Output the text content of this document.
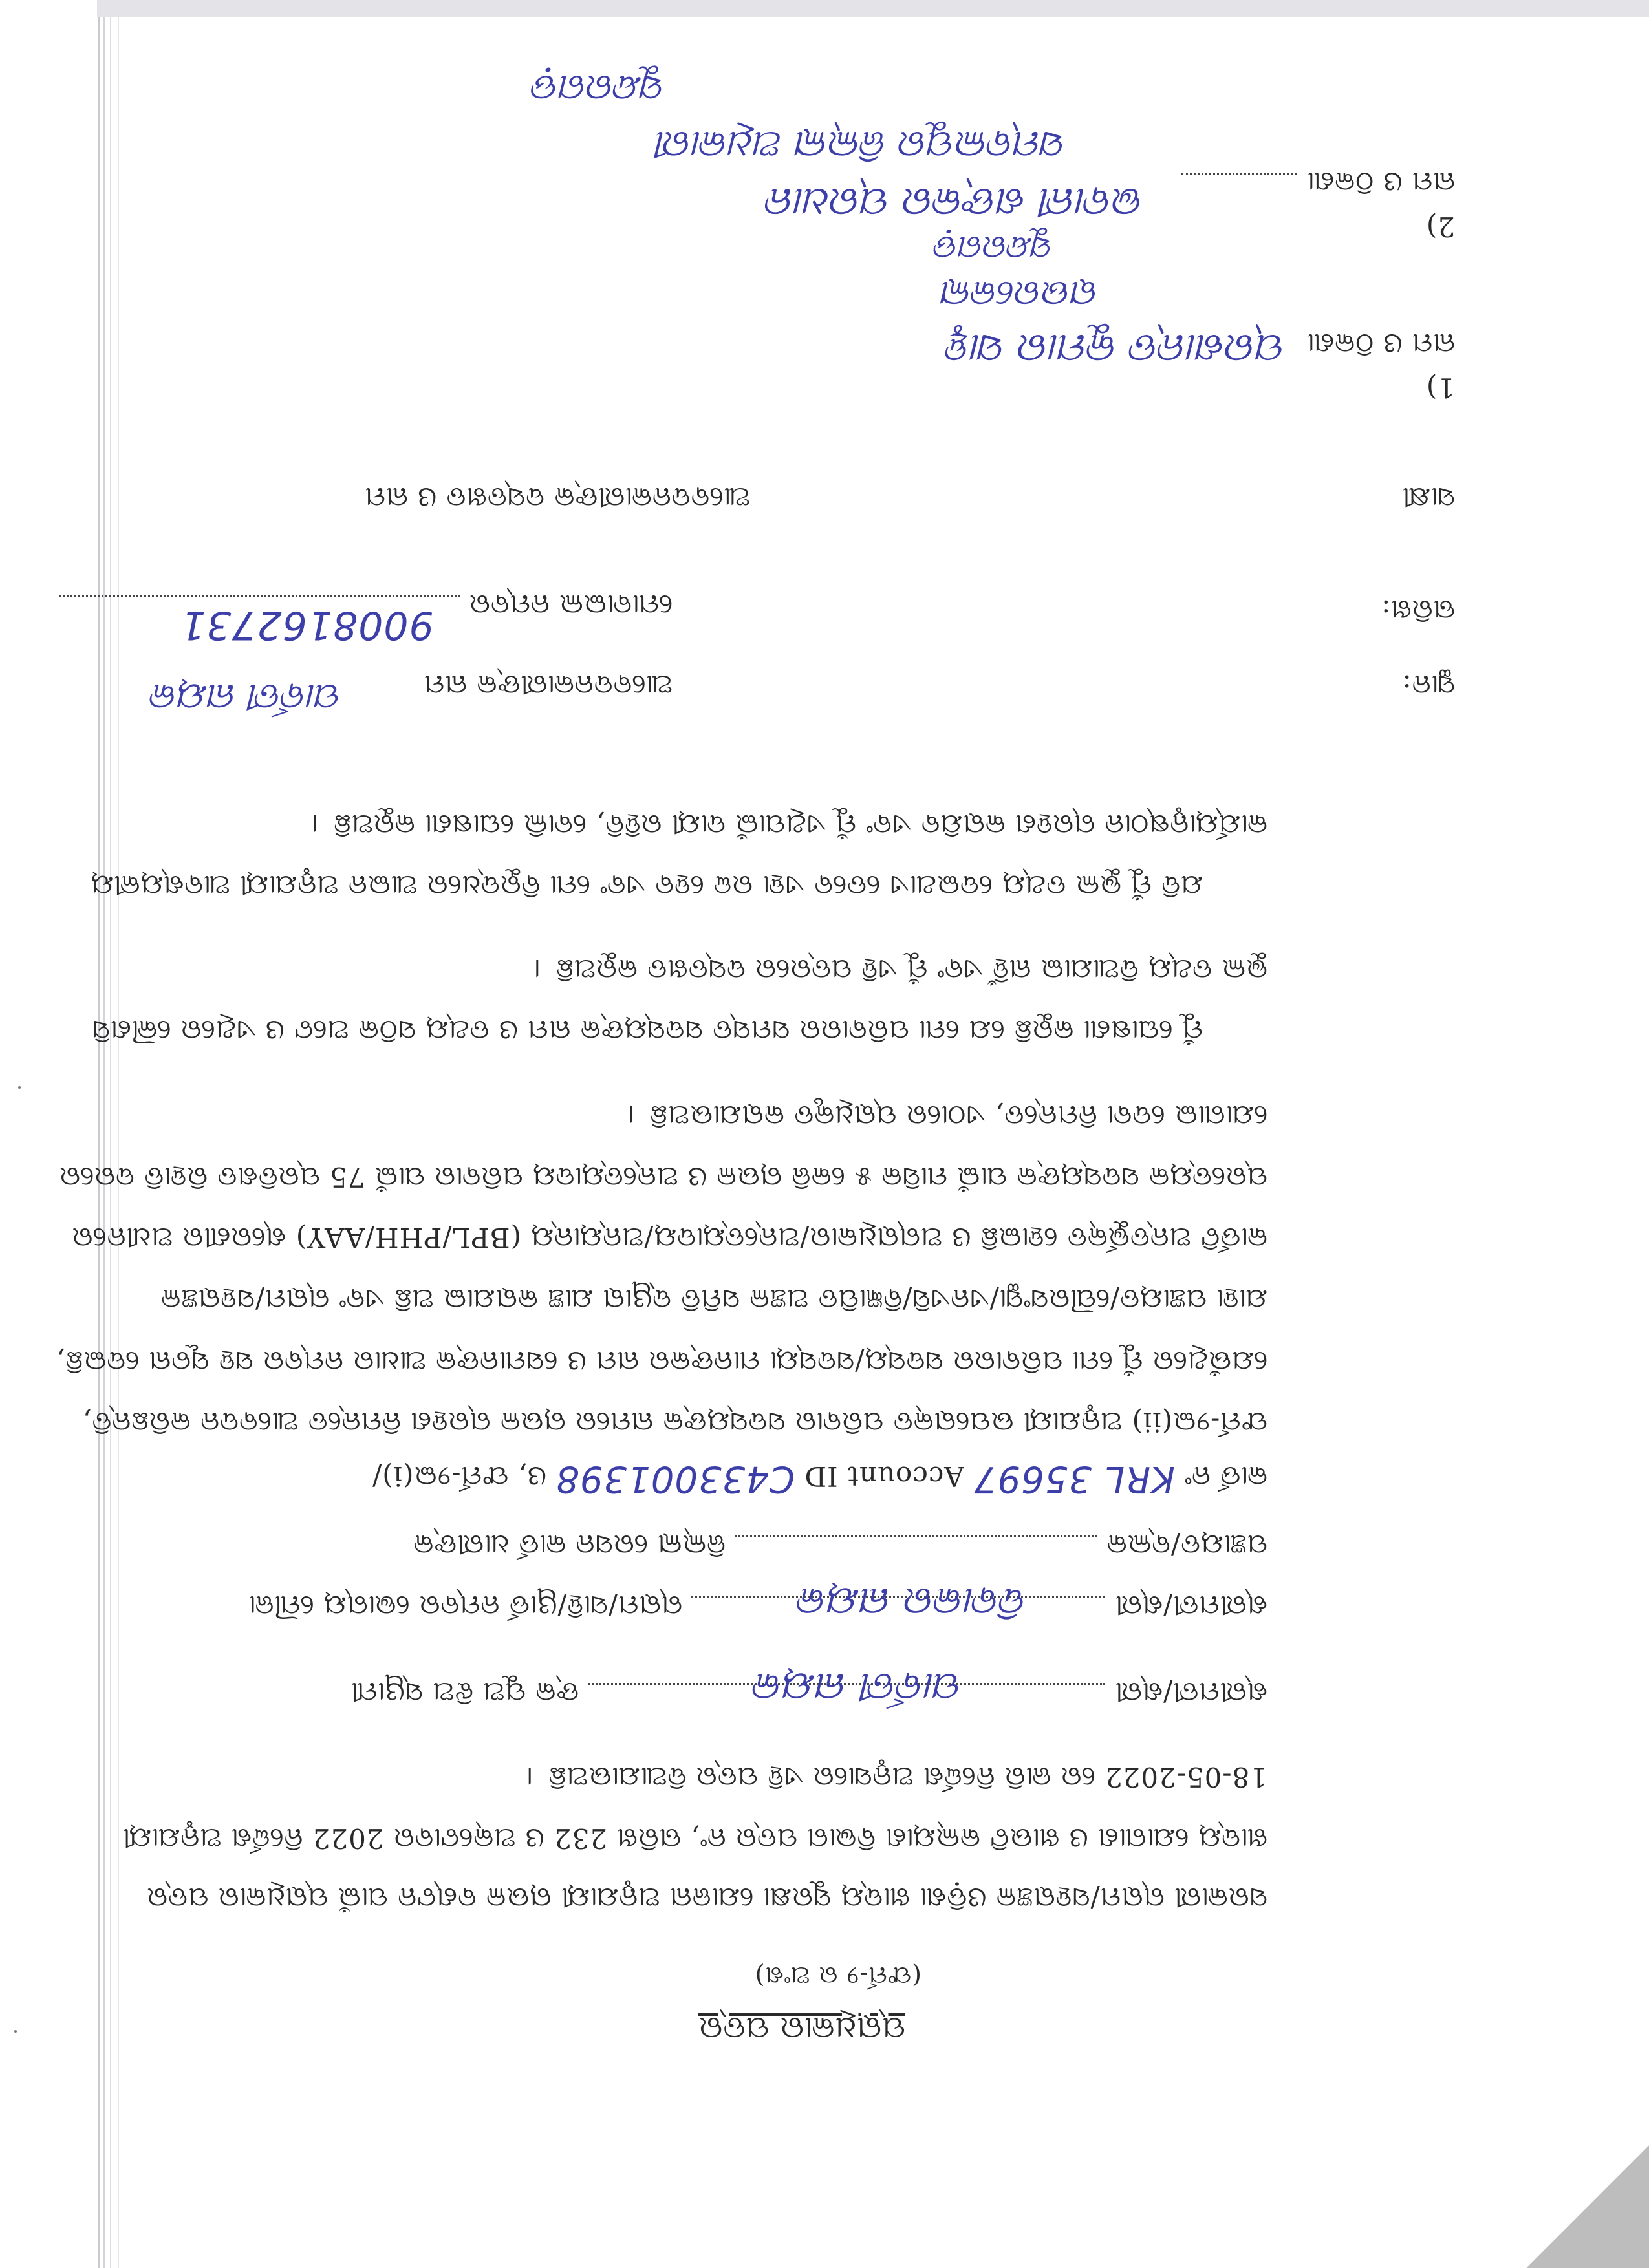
ପ୍ରାଧିକାର ପତ୍ର
(ଫର୍ମ-୨ ର ଅଂଶ)
ସରକାରୀ ଗ୍ରାମ/ସହରାଞ୍ଚଳ ଓଡ଼ିଶା ଖାଦ୍ୟ ସୁରକ୍ଷା ଯୋଜନା ଅନୁଯାୟୀ ଚାଉଳ ବଣ୍ଟନ ପାଇଁ ପ୍ରାଧିକାର ପତ୍ର
ଖାଦ୍ୟ ଯୋଗାଣ ଓ ଖାଉଟି କଲ୍ୟାଣ ବିଭାଗ ପତ୍ର ନଂ, ତାରିଖ 232 ଓ ଅକ୍ଟୋବର 2022 ନିର୍ଦ୍ଦେଶ ଅନୁଯାୟୀ
18-05-2022 ରେ ଜାରି ନିର୍ଦ୍ଦେଶ ଅନୁସାରେ ଏହି ପତ୍ର ଦିଆଯାଉଅଛି ।
ଶ୍ରୀମତୀ/ଶ୍ରୀ
ପାର୍ବତୀ ନାୟକ
ଙ୍କ ପୁଅ ଝିଅ ସ୍ୱାମୀ
ଶ୍ରୀମତୀ/ଶ୍ରୀ
ଦିବାକର ନାୟକ
ଗ୍ରାମ/ସାହି/ୱାର୍ଡ ନମ୍ବର ଭୋଗ୍ୟ ମୌଜା
ପଞ୍ଚାୟତ/ବ୍ଲକ  ଜିଲ୍ଲା ରେସନ କାର୍ଡ ଧାରୀଙ୍କ
କାର୍ଡ ନଂ KRL 35697 Account ID C433001398 ଓ, ଫର୍ମ-୨ଇ(i)/
ଫର୍ମ-୨ଇ(ii) ଅନୁଯାୟୀ ଉପରୋକ୍ତ ପରିବାର ସଦସ୍ୟଙ୍କ ନାମରେ ଚାଉଳ ଗ୍ରହଣ ନିମନ୍ତେ ଆବେଦନ କରିଛନ୍ତି,
ଯେଉଁଥିରେ ମୁଁ ମୋ ପରିବାରର ସଦସ୍ୟ/ସଦସ୍ୟା ମାନଙ୍କର ନାମ ଓ ସେମାନଙ୍କ ଆଧାର ନମ୍ବର ସହ ସୂଚନା ଦେଇଛି,
ଯାହା ପଞ୍ଚାୟତ/ପୌରସଂସ୍ଥା/ଏନଏସି/ବିଜ୍ଞାପିତ ଅଞ୍ଚଳ ସମିତି ଦ୍ୱାରା ଯାଞ୍ଚ କରାଯାଇ ଅଛି ଏବଂ ଗ୍ରାମ/ସହରାଞ୍ଚଳ
କାର୍ଡଟି ଅନ୍ତର୍ଭୁକ୍ତ ହୋଇଛି ଓ ଅଗ୍ରାଧିକାର/ଅନ୍ତ୍ୟୋଦୟ/ଅନ୍ୟାନ୍ୟ (BPL/PHH/AAY) ଶ୍ରେଣୀର ଅଧୀନରେ
ପ୍ରତ୍ୟେକ ସଦସ୍ୟଙ୍କ ପାଇଁ ମାସିକ ୫ କେଜି ଚାଉଳ ଓ ଅନ୍ତ୍ୟୋଦୟ ପରିବାର ପାଇଁ 75 ପ୍ରତିଶତ ରିହାତି ଦରରେ
ଯୋଗାଇ ଦେବା ନିମନ୍ତେ, ଏଠାରେ ପ୍ରାଧିକୃତ କରାଯାଉଅଛି ।
ମୁଁ ଘୋଷଣା କରୁଛି ଯେ ମୋ ପରିବାରର ସମସ୍ତ ସଦସ୍ୟଙ୍କ ନାମ ଓ ତଥ୍ୟ ସଠିକ ଅଟେ ଓ ଏଥିରେ କୌଣସି
ଭୁଲ ତଥ୍ୟ ଦିଆଯାଇ ନାହିଁ ଏବଂ ମୁଁ ଏହି ପତ୍ରରେ ଦସ୍ତଖତ କରୁଅଛି ।
ଯଦି ମୁଁ ଭୁଲ ତଥ୍ୟ ଦେଇଥାଏ ତେବେ ଏହା ରଦ୍ଦ ହେବ ଏବଂ ମୋ ବିରୁଦ୍ଧରେ ଆଇନ ଅନୁଯାୟୀ ଆବଶ୍ୟକୀୟ
କାର୍ଯ୍ୟାନୁଷ୍ଠାନ ଗ୍ରହଣ କରାଯିବ ଏବଂ ମୁଁ ଏଥିପାଇଁ ଦାୟୀ ରହିବି, ବୋଲି ଘୋଷଣା କରୁଅଛି ।
ସ୍ଥାନ:
ଆବେଦନକାରୀଙ୍କ ନାମ
ପାର୍ବତୀ ନାୟକ
ତାରିଖ:
ମୋବାଇଲ ନମ୍ବର
9008162731
ସାକ୍ଷୀ
ଆବେଦନକାରୀଙ୍କ ଦସ୍ତଖତ ଓ ନାମ
1)
ନାମ ଓ ଠିକଣା
ପ୍ରଶାନ୍ତ କୁମାର ସାହୁ
ରାଉରକେଲା
ସୁନ୍ଦରଗଡ଼
2)
ନାମ ଓ ଠିକଣା
ଭବାନୀ ଶଙ୍କର ପ୍ରଧାନ
ସମ୍ବଲପୁର ଜିଲ୍ଲା ଅଧିକାରୀ
ସୁନ୍ଦରଗଡ଼
